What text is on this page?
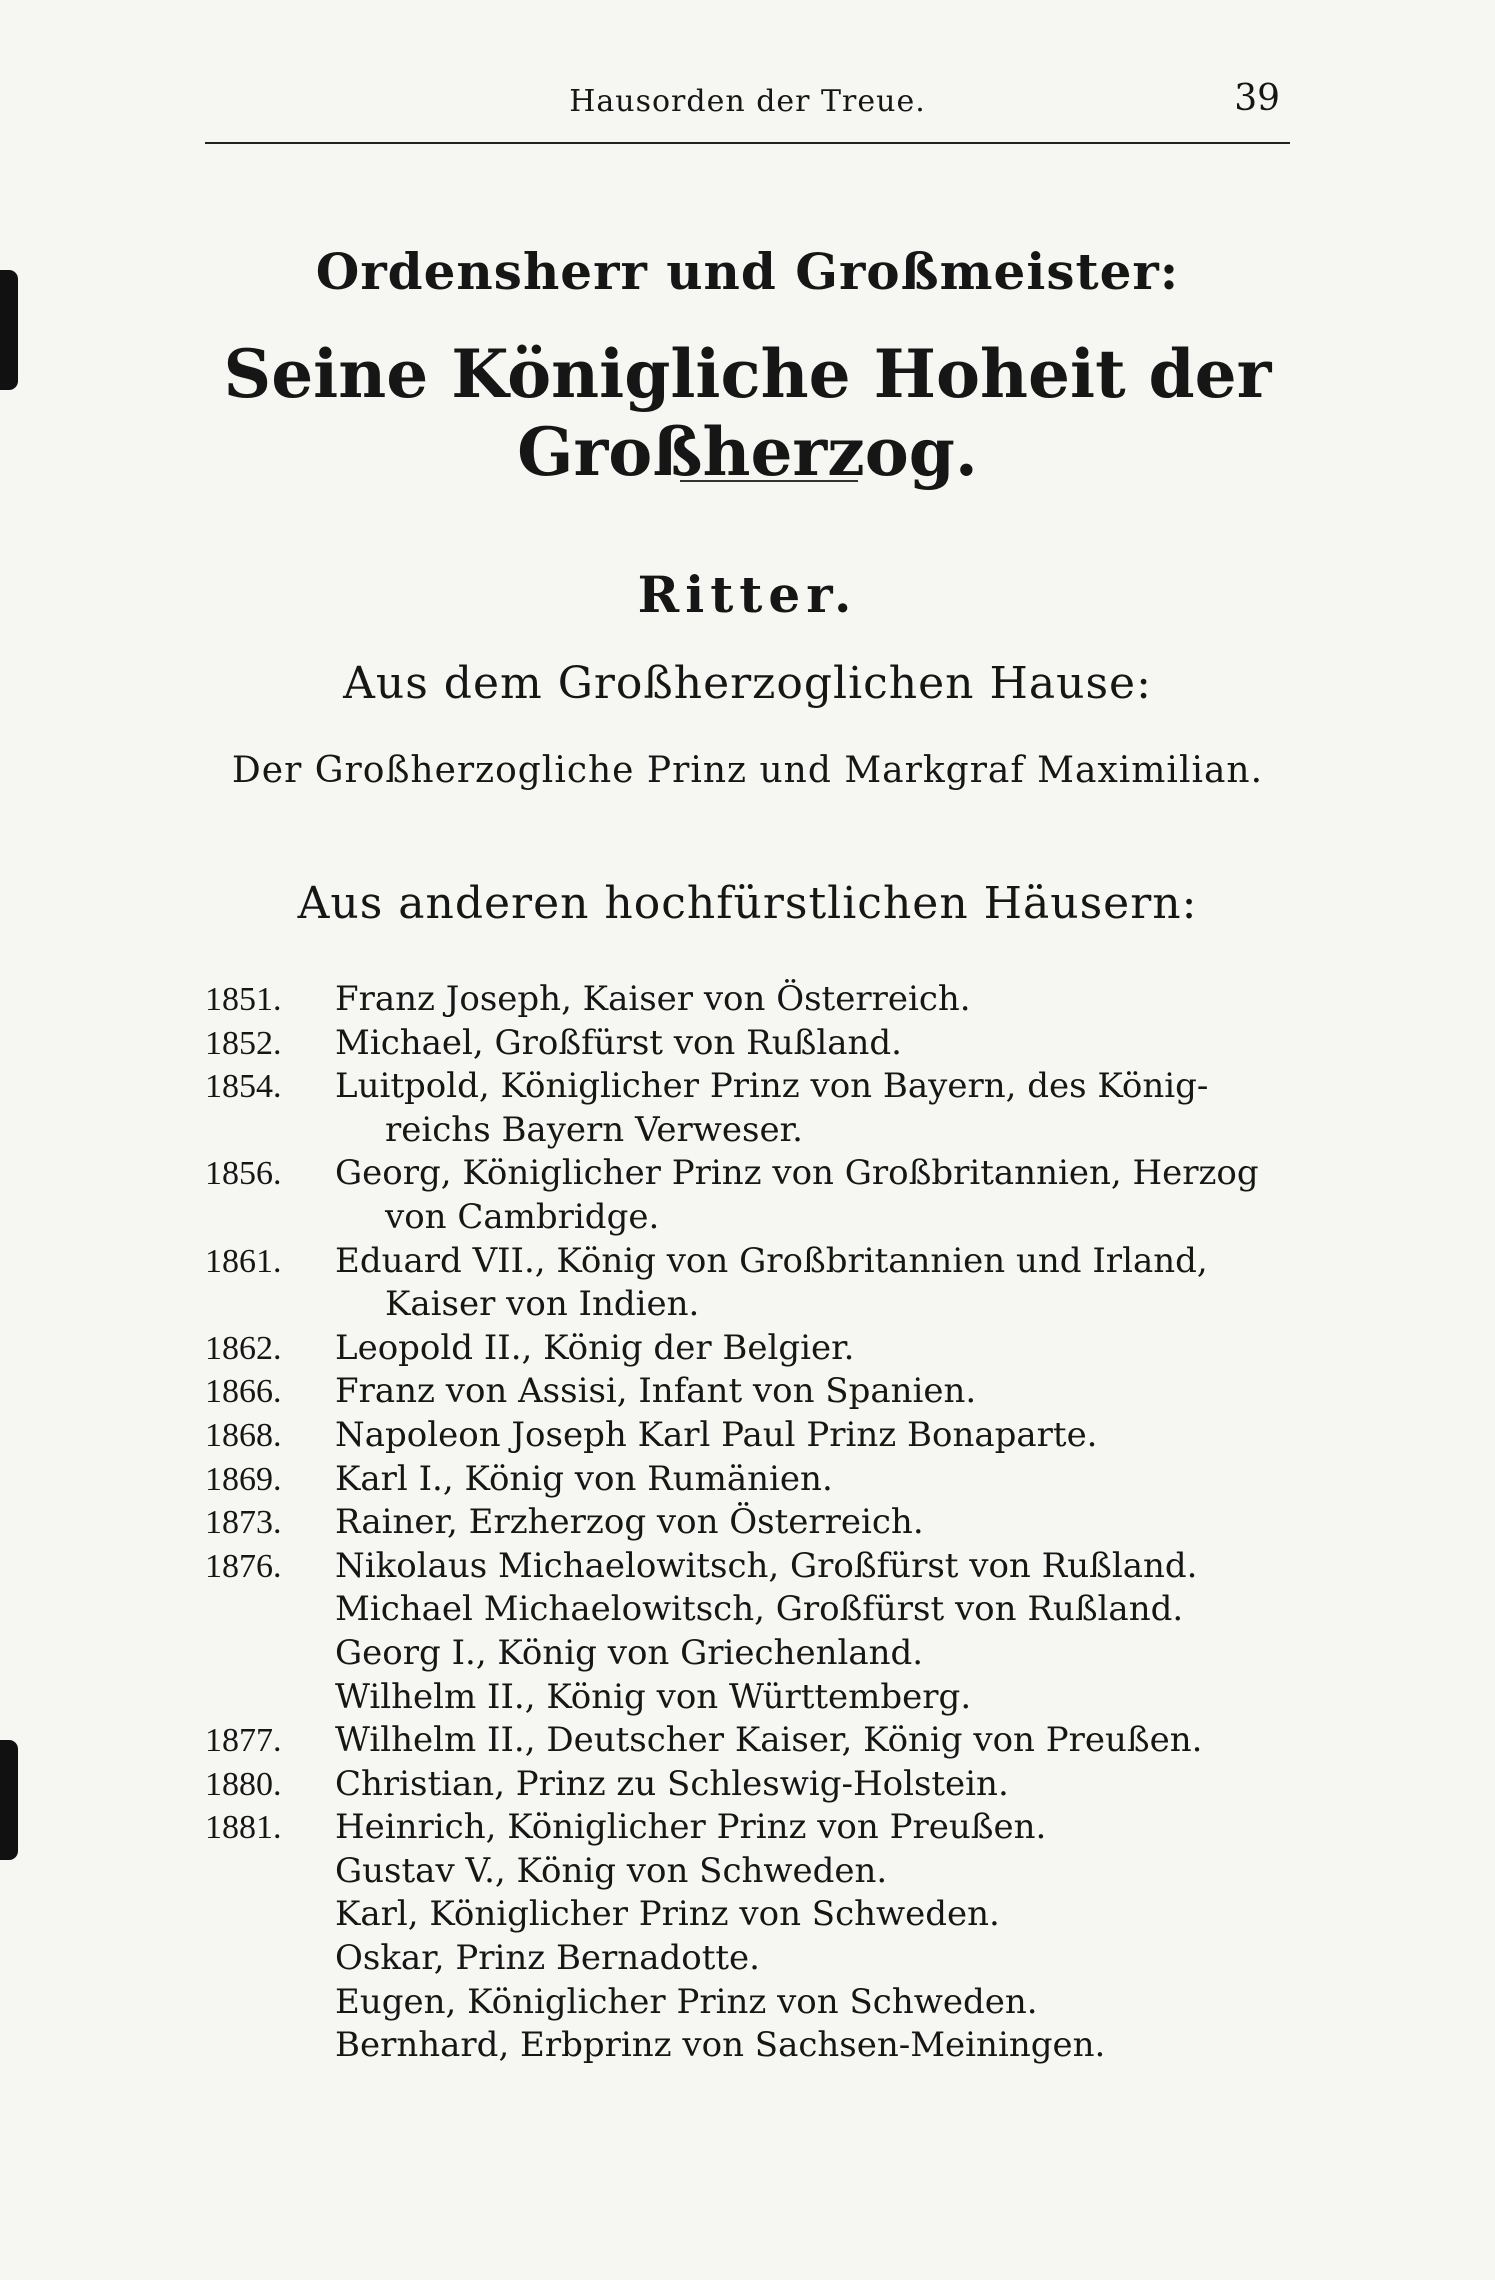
Hausorden der Treue.	39
Ordensherr und Großmeister:
Seine Königliche Hoheit der Großherzog.
Ritter.
Aus dem Großherzoglichen Hause:
Der Großherzogliche Prinz und Markgraf Maximilian.
Aus anderen hochfürstlichen Häusern:
1851.	Franz Joseph, Kaiser von Österreich.
1852.	Michael, Großfürst von Rußland.
1854.	Luitpold, Königlicher Prinz von Bayern, des König-
reichs Bayern Verweser.
1856.	Georg, Königlicher Prinz von Großbritannien, Herzog
von Cambridge.
1861.	Eduard VII., König von Großbritannien und Irland,
Kaiser von Indien.
1862.	Leopold II., König der Belgier.
1866.	Franz von Assisi, Infant von Spanien.
1868.	Napoleon Joseph Karl Paul Prinz Bonaparte.
1869.	Karl I., König von Rumänien.
1873.	Rainer, Erzherzog von Österreich.
1876.	Nikolaus Michaelowitsch, Großfürst von Rußland.
Michael Michaelowitsch, Großfürst von Rußland.
Georg I., König von Griechenland.
Wilhelm II., König von Württemberg.
1877.	Wilhelm II., Deutscher Kaiser, König von Preußen.
1880.	Christian, Prinz zu Schleswig-Holstein.
1881.	Heinrich, Königlicher Prinz von Preußen.
Gustav V., König von Schweden.
Karl, Königlicher Prinz von Schweden.
Oskar, Prinz Bernadotte.
Eugen, Königlicher Prinz von Schweden.
Bernhard, Erbprinz von Sachsen-Meiningen.
